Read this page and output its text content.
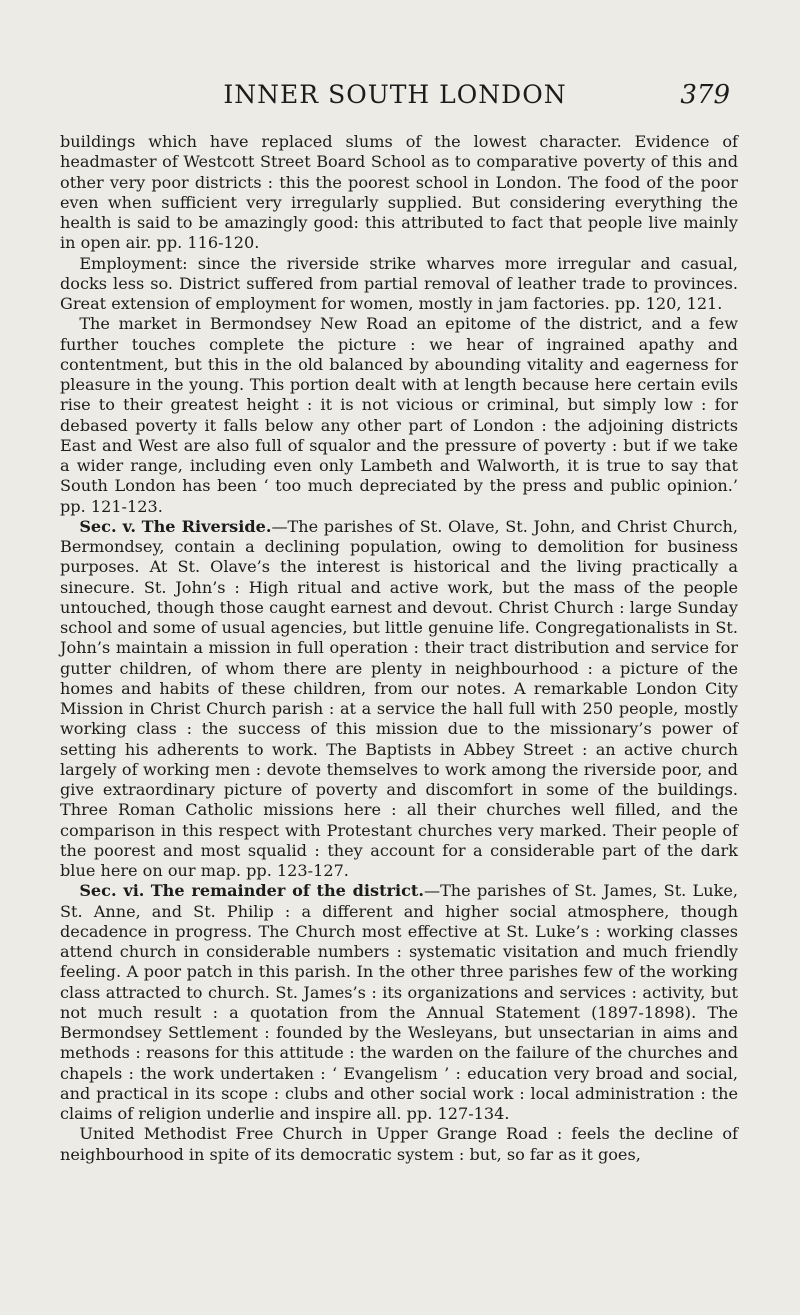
INNER SOUTH LONDON	379

buildings which have replaced slums of the lowest character. Evidence of headmaster of Westcott Street Board School as to comparative poverty of this and other very poor districts : this the poorest school in London. The food of the poor even when sufficient very irregularly supplied. But considering everything the health is said to be amazingly good: this attributed to fact that people live mainly in open air. pp. 116-120.

Employment: since the riverside strike wharves more irregular and casual, docks less so. District suffered from partial removal of leather trade to provinces. Great extension of employment for women, mostly in jam factories. pp. 120, 121.

The market in Bermondsey New Road an epitome of the district, and a few further touches complete the picture : we hear of ingrained apathy and contentment, but this in the old balanced by abounding vitality and eagerness for pleasure in the young. This portion dealt with at length because here certain evils rise to their greatest height : it is not vicious or criminal, but simply low : for debased poverty it falls below any other part of London : the adjoining districts East and West are also full of squalor and the pressure of poverty : but if we take a wider range, including even only Lambeth and Walworth, it is true to say that South London has been ‘ too much depreciated by the press and public opinion.’ pp. 121-123.

Sec. v. The Riverside.—The parishes of St. Olave, St. John, and Christ Church, Bermondsey, contain a declining population, owing to demolition for business purposes. At St. Olave’s the interest is historical and the living practically a sinecure. St. John’s : High ritual and active work, but the mass of the people untouched, though those caught earnest and devout. Christ Church : large Sunday school and some of usual agencies, but little genuine life. Congregationalists in St. John’s maintain a mission in full operation : their tract distribution and service for gutter children, of whom there are plenty in neighbourhood : a picture of the homes and habits of these children, from our notes. A remarkable London City Mission in Christ Church parish : at a service the hall full with 250 people, mostly working class : the success of this mission due to the missionary’s power of setting his adherents to work. The Baptists in Abbey Street : an active church largely of working men : devote themselves to work among the riverside poor, and give extraordinary picture of poverty and discomfort in some of the buildings. Three Roman Catholic missions here : all their churches well filled, and the comparison in this respect with Protestant churches very marked. Their people of the poorest and most squalid : they account for a considerable part of the dark blue here on our map. pp. 123-127.

Sec. vi. The remainder of the district.—The parishes of St. James, St. Luke, St. Anne, and St. Philip : a different and higher social atmosphere, though decadence in progress. The Church most effective at St. Luke’s : working classes attend church in considerable numbers : systematic visitation and much friendly feeling. A poor patch in this parish. In the other three parishes few of the working class attracted to church. St. James’s : its organizations and services : activity, but not much result : a quotation from the Annual Statement (1897-1898). The Bermondsey Settlement : founded by the Wesleyans, but unsectarian in aims and methods : reasons for this attitude : the warden on the failure of the churches and chapels : the work undertaken : ‘ Evangelism ’ : education very broad and social, and practical in its scope : clubs and other social work : local administration : the claims of religion underlie and inspire all. pp. 127-134.

United Methodist Free Church in Upper Grange Road : feels the decline of neighbourhood in spite of its democratic system : but, so far as it goes,
